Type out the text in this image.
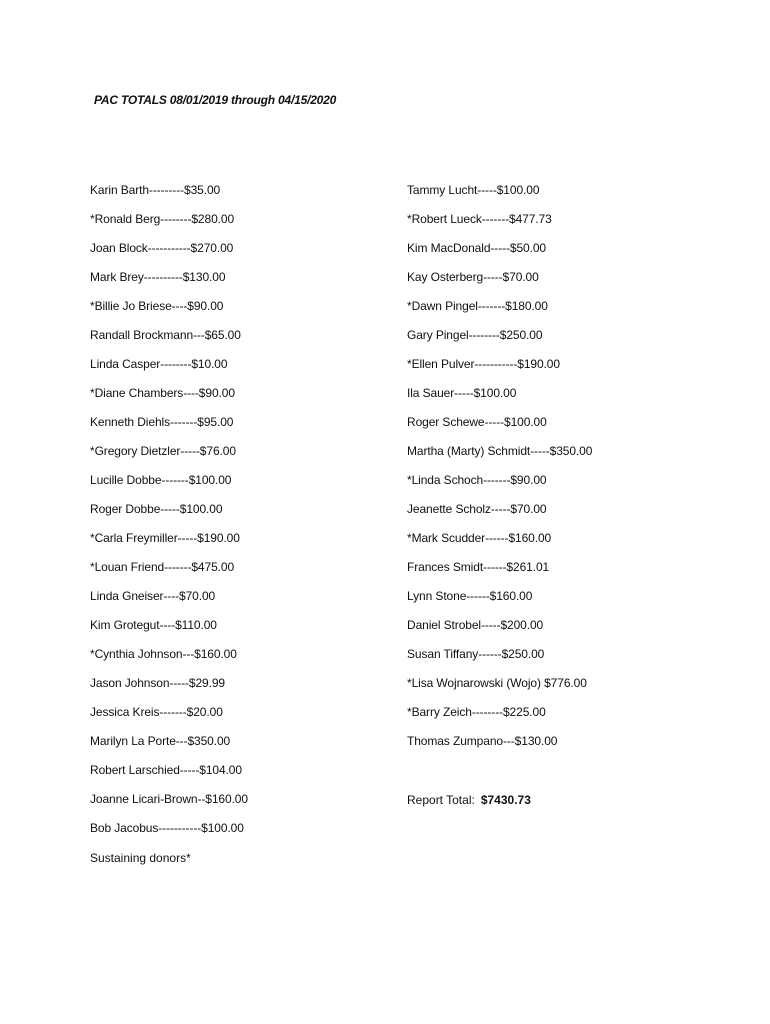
PAC TOTALS 08/01/2019 through 04/15/2020
Karin Barth---------$35.00
*Ronald Berg--------$280.00
Joan Block-----------$270.00
Mark Brey----------$130.00
*Billie Jo Briese----$90.00
Randall Brockmann---$65.00
Linda Casper--------$10.00
*Diane Chambers----$90.00
Kenneth Diehls-------$95.00
*Gregory Dietzler-----$76.00
Lucille Dobbe-------$100.00
Roger Dobbe-----$100.00
*Carla Freymiller-----$190.00
*Louan Friend-------$475.00
Linda Gneiser----$70.00
Kim Grotegut----$110.00
*Cynthia Johnson---$160.00
Jason Johnson-----$29.99
Jessica Kreis-------$20.00
Marilyn La Porte---$350.00
Robert Larschied-----$104.00
Joanne Licari-Brown--$160.00
Bob Jacobus-----------$100.00
Tammy Lucht-----$100.00
*Robert Lueck-------$477.73
Kim MacDonald-----$50.00
Kay Osterberg-----$70.00
*Dawn Pingel-------$180.00
Gary Pingel--------$250.00
*Ellen Pulver-----------$190.00
Ila Sauer-----$100.00
Roger Schewe-----$100.00
Martha (Marty) Schmidt-----$350.00
*Linda Schoch-------$90.00
Jeanette Scholz-----$70.00
*Mark Scudder------$160.00
Frances Smidt------$261.01
Lynn Stone------$160.00
Daniel Strobel-----$200.00
Susan Tiffany------$250.00
*Lisa Wojnarowski (Wojo) $776.00
*Barry Zeich--------$225.00
Thomas Zumpano---$130.00
Report Total: $7430.73
Sustaining donors*
